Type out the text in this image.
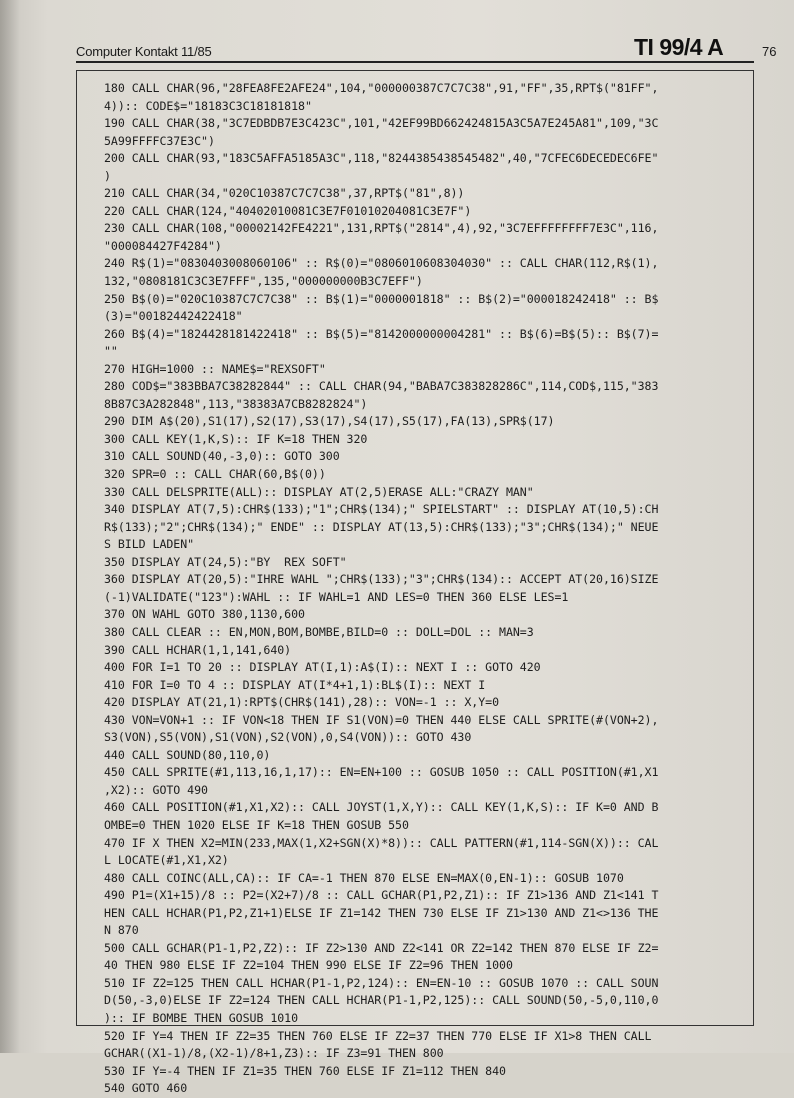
Computer Kontakt 11/85	TI 99/4 A	76
180 CALL CHAR(96,"28FEA8FE2AFE24",104,"000000387C7C7C38",91,"FF",35,RPT$("81FF",
4)):: CODE$="18183C3C18181818"
190 CALL CHAR(38,"3C7EDBDB7E3C423C",101,"42EF99BD662424815A3C5A7E245A81",109,"3C
5A99FFFFC37E3C")
200 CALL CHAR(93,"183C5AFFA5185A3C",118,"8244385438545482",40,"7CFEC6DECEDEC6FE"
)
210 CALL CHAR(34,"020C10387C7C7C38",37,RPT$("81",8))
220 CALL CHAR(124,"40402010081C3E7F01010204081C3E7F")
230 CALL CHAR(108,"00002142FE4221",131,RPT$("2814",4),92,"3C7EFFFFFFFF7E3C",116,
"000084427F4284")
240 R$(1)="0830403008060106" :: R$(0)="0806010608304030" :: CALL CHAR(112,R$(1),
132,"0808181C3C3E7FFF",135,"000000000B3C7EFF")
250 B$(0)="020C10387C7C7C38" :: B$(1)="0000001818" :: B$(2)="000018242418" :: B$
(3)="00182442422418"
260 B$(4)="1824428181422418" :: B$(5)="8142000000004281" :: B$(6)=B$(5):: B$(7)=
""
270 HIGH=1000 :: NAME$="REXSOFT"
280 COD$="383BBA7C38282844" :: CALL CHAR(94,"BABA7C383828286C",114,COD$,115,"383
8B87C3A282848",113,"38383A7CB8282824")
290 DIM A$(20),S1(17),S2(17),S3(17),S4(17),S5(17),FA(13),SPR$(17)
300 CALL KEY(1,K,S):: IF K=18 THEN 320
310 CALL SOUND(40,-3,0):: GOTO 300
320 SPR=0 :: CALL CHAR(60,B$(0))
330 CALL DELSPRITE(ALL):: DISPLAY AT(2,5)ERASE ALL:"CRAZY MAN"
340 DISPLAY AT(7,5):CHR$(133);"1";CHR$(134);" SPIELSTART" :: DISPLAY AT(10,5):CH
R$(133);"2";CHR$(134);" ENDE" :: DISPLAY AT(13,5):CHR$(133);"3";CHR$(134);" NEUE
S BILD LADEN"
350 DISPLAY AT(24,5):"BY  REX SOFT"
360 DISPLAY AT(20,5):"IHRE WAHL ";CHR$(133);"3";CHR$(134):: ACCEPT AT(20,16)SIZE
(-1)VALIDATE("123"):WAHL :: IF WAHL=1 AND LES=0 THEN 360 ELSE LES=1
370 ON WAHL GOTO 380,1130,600
380 CALL CLEAR :: EN,MON,BOM,BOMBE,BILD=0 :: DOLL=DOL :: MAN=3
390 CALL HCHAR(1,1,141,640)
400 FOR I=1 TO 20 :: DISPLAY AT(I,1):A$(I):: NEXT I :: GOTO 420
410 FOR I=0 TO 4 :: DISPLAY AT(I*4+1,1):BL$(I):: NEXT I
420 DISPLAY AT(21,1):RPT$(CHR$(141),28):: VON=-1 :: X,Y=0
430 VON=VON+1 :: IF VON<18 THEN IF S1(VON)=0 THEN 440 ELSE CALL SPRITE(#(VON+2),
S3(VON),S5(VON),S1(VON),S2(VON),0,S4(VON)):: GOTO 430
440 CALL SOUND(80,110,0)
450 CALL SPRITE(#1,113,16,1,17):: EN=EN+100 :: GOSUB 1050 :: CALL POSITION(#1,X1
,X2):: GOTO 490
460 CALL POSITION(#1,X1,X2):: CALL JOYST(1,X,Y):: CALL KEY(1,K,S):: IF K=0 AND B
OMBE=0 THEN 1020 ELSE IF K=18 THEN GOSUB 550
470 IF X THEN X2=MIN(233,MAX(1,X2+SGN(X)*8)):: CALL PATTERN(#1,114-SGN(X)):: CAL
L LOCATE(#1,X1,X2)
480 CALL COINC(ALL,CA):: IF CA=-1 THEN 870 ELSE EN=MAX(0,EN-1):: GOSUB 1070
490 P1=(X1+15)/8 :: P2=(X2+7)/8 :: CALL GCHAR(P1,P2,Z1):: IF Z1>136 AND Z1<141 T
HEN CALL HCHAR(P1,P2,Z1+1)ELSE IF Z1=142 THEN 730 ELSE IF Z1>130 AND Z1<>136 THE
N 870
500 CALL GCHAR(P1-1,P2,Z2):: IF Z2>130 AND Z2<141 OR Z2=142 THEN 870 ELSE IF Z2=
40 THEN 980 ELSE IF Z2=104 THEN 990 ELSE IF Z2=96 THEN 1000
510 IF Z2=125 THEN CALL HCHAR(P1-1,P2,124):: EN=EN-10 :: GOSUB 1070 :: CALL SOUN
D(50,-3,0)ELSE IF Z2=124 THEN CALL HCHAR(P1-1,P2,125):: CALL SOUND(50,-5,0,110,0
):: IF BOMBE THEN GOSUB 1010
520 IF Y=4 THEN IF Z2=35 THEN 760 ELSE IF Z2=37 THEN 770 ELSE IF X1>8 THEN CALL
GCHAR((X1-1)/8,(X2-1)/8+1,Z3):: IF Z3=91 THEN 800
530 IF Y=-4 THEN IF Z1=35 THEN 760 ELSE IF Z1=112 THEN 840
540 GOTO 460
